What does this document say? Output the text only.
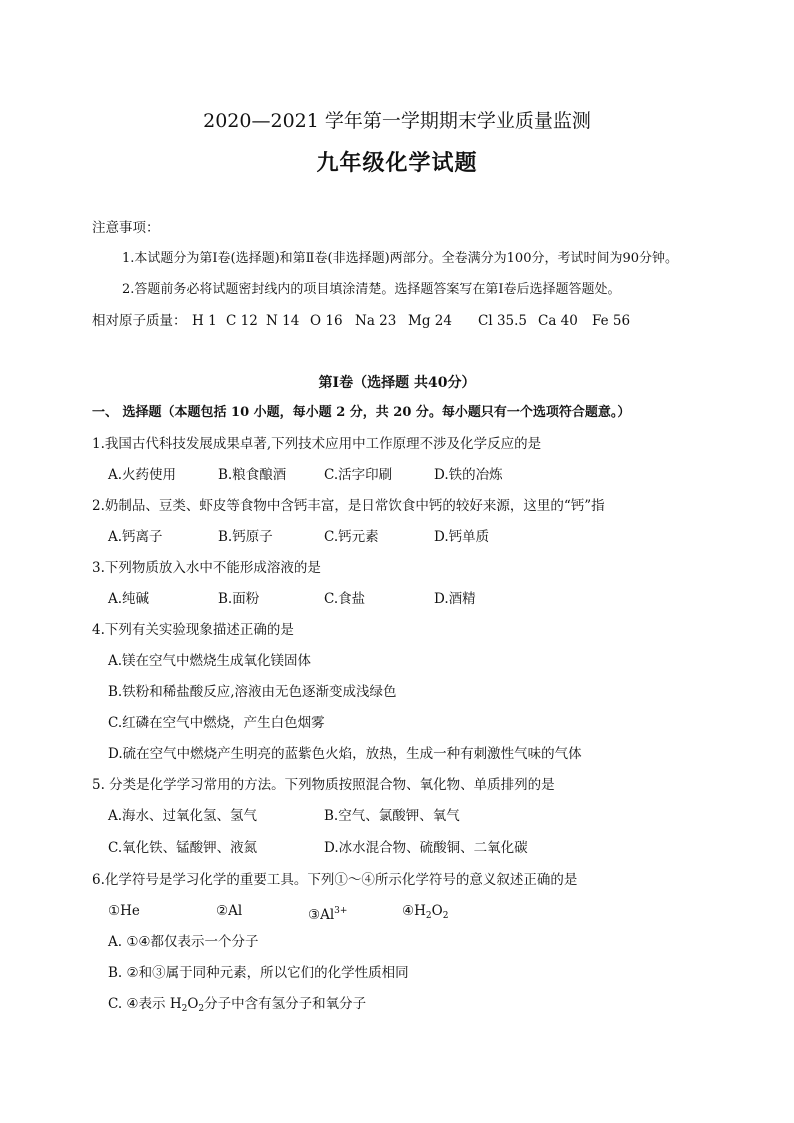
2020—2021 学年第一学期期末学业质量监测
九年级化学试题
注意事项：
1.本试题分为第Ⅰ卷(选择题)和第Ⅱ卷(非选择题)两部分。全卷满分为100分，考试时间为90分钟。
2.答题前务必将试题密封线内的项目填涂清楚。选择题答案写在第Ⅰ卷后选择题答题处。
相对原子质量： H 1 C 12 N 14 O 16 Na 23 Mg 24 Cl 35.5 Ca 40 Fe 56
第Ⅰ卷（选择题 共40分）
一、 选择题（本题包括 10 小题，每小题 2 分，共 20 分。每小题只有一个选项符合题意。）
1.我国古代科技发展成果卓著,下列技术应用中工作原理不涉及化学反应的是
A.火药使用	B.粮食酿酒	C.活字印刷	D.铁的冶炼
2.奶制品、豆类、虾皮等食物中含钙丰富，是日常饮食中钙的较好来源，这里的“钙”指
A.钙离子	B.钙原子	C.钙元素	D.钙单质
3.下列物质放入水中不能形成溶液的是
A.纯碱	B.面粉	C.食盐	D.酒精
4.下列有关实验现象描述正确的是
A.镁在空气中燃烧生成氧化镁固体
B.铁粉和稀盐酸反应,溶液由无色逐渐变成浅绿色
C.红磷在空气中燃烧，产生白色烟雾
D.硫在空气中燃烧产生明亮的蓝紫色火焰，放热，生成一种有刺激性气味的气体
5. 分类是化学学习常用的方法。下列物质按照混合物、氧化物、单质排列的是
A.海水、过氧化氢、氢气	B.空气、氯酸钾、氧气
C.氧化铁、锰酸钾、液氮	D.冰水混合物、硫酸铜、二氧化碳
6.化学符号是学习化学的重要工具。下列①～④所示化学符号的意义叙述正确的是
①He	②Al	$③Al^{3+}$	$④H_2O_2$
A. ①④都仅表示一个分子
B. ②和③属于同种元素，所以它们的化学性质相同
C. ④表示 $H_2O_2$分子中含有氢分子和氧分子
